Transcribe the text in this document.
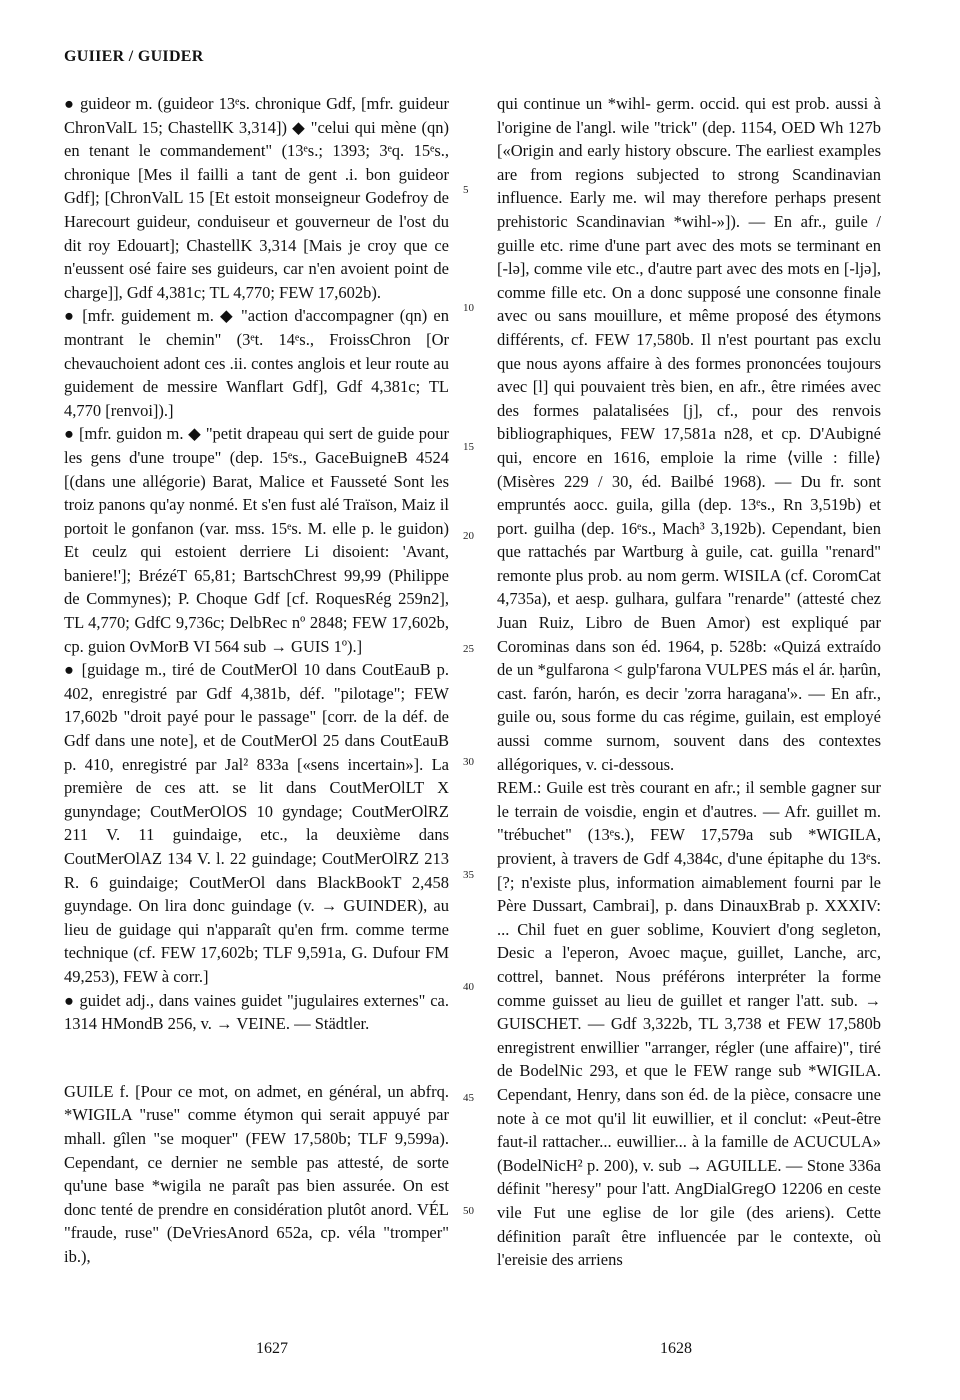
GUIIER / GUIDER

● guideor m. (guideor 13ᵉs. chronique Gdf, [mfr. guideur ChronValL 15; ChastellK 3,314]) ◆ "celui qui mène (qn) en tenant le commandement" (13ᵉs.; 1393; 3ᵉq. 15ᵉs., chronique [Mes il failli a tant de gent .i. bon guideor Gdf]; [ChronValL 15 [Et estoit monseigneur Godefroy de Harecourt guideur, conduiseur et gouverneur de l'ost du dit roy Edouart]; ChastellK 3,314 [Mais je croy que ce n'eussent osé faire ses guideurs, car n'en avoient point de charge]], Gdf 4,381c; TL 4,770; FEW 17,602b).

● [mfr. guidement m. ◆ "action d'accompagner (qn) en montrant le chemin" (3ᵉt. 14ᵉs., FroissChron [Or chevauchoient adont ces .ii. contes anglois et leur route au guidement de messire Wanflart Gdf], Gdf 4,381c; TL 4,770 [renvoi]).]

● [mfr. guidon m. ◆ "petit drapeau qui sert de guide pour les gens d'une troupe" (dep. 15ᵉs., GaceBuigneB 4524 [(dans une allégorie) Barat, Malice et Fausseté Sont les troiz panons qu'ay nonmé. Et s'en fust alé Traïson, Maiz il portoit le gonfanon (var. mss. 15ᵉs. M. elle p. le guidon) Et ceulz qui estoient derriere Li disoient: 'Avant, baniere!']; BrézéT 65,81; BartschChrest 99,99 (Philippe de Commynes); P. Choque Gdf [cf. RoquesRég 259n2], TL 4,770; GdfC 9,736c; DelbRec nº 2848; FEW 17,602b, cp. guion OvMorB VI 564 sub → GUIS 1º).]

● [guidage m., tiré de CoutMerOl 10 dans CoutEauB p. 402, enregistré par Gdf 4,381b, déf. "pilotage"; FEW 17,602b "droit payé pour le passage" [corr. de la déf. de Gdf dans une note], et de CoutMerOl 25 dans CoutEauB p. 410, enregistré par Jal² 833a [«sens incertain»]. La première de ces att. se lit dans CoutMerOlLT X gunyndage; CoutMerOlOS 10 gyndage; CoutMerOlRZ 211 V. 11 guindaige, etc., la deuxième dans CoutMerOlAZ 134 V. l. 22 guindage; CoutMerOlRZ 213 R. 6 guindaige; CoutMerOl dans BlackBookT 2,458 guyndage. On lira donc guindage (v. → GUINDER), au lieu de guidage qui n'apparaît qu'en frm. comme terme technique (cf. FEW 17,602b; TLF 9,591a, G. Dufour FM 49,253), FEW à corr.]

● guidet adj., dans vaines guidet "jugulaires externes" ca. 1314 HMondB 256, v. → VEINE. — Städtler.

GUILE f. [Pour ce mot, on admet, en général, un abfrq. *WIGILA "ruse" comme étymon qui serait appuyé par mhall. gîlen "se moquer" (FEW 17,580b; TLF 9,599a). Cependant, ce dernier ne semble pas attesté, de sorte qu'une base *wigila ne paraît pas bien assurée. On est donc tenté de prendre en considération plutôt anord. VÉL "fraude, ruse" (DeVriesAnord 652a, cp. véla "tromper" ib.),

qui continue un *wihl- germ. occid. qui est prob. aussi à l'origine de l'angl. wile "trick" (dep. 1154, OED Wh 127b [«Origin and early history obscure. The earliest examples are from regions subjected to strong Scandinavian influence. Early me. wil may therefore perhaps present prehistoric Scandinavian *wihl-»]). — En afr., guile / guille etc. rime d'une part avec des mots se terminant en [-lə], comme vile etc., d'autre part avec des mots en [-ljə], comme fille etc. On a donc supposé une consonne finale avec ou sans mouillure, et même proposé des étymons différents, cf. FEW 17,580b. Il n'est pourtant pas exclu que nous ayons affaire à des formes prononcées toujours avec [l] qui pouvaient très bien, en afr., être rimées avec des formes palatalisées [j], cf., pour des renvois bibliographiques, FEW 17,581a n28, et cp. D'Aubigné qui, encore en 1616, emploie la rime ⟨ville : fille⟩ (Misères 229 / 30, éd. Bailbé 1968). — Du fr. sont empruntés aocc. guila, gilla (dep. 13ᵉs., Rn 3,519b) et port. guilha (dep. 16ᵉs., Mach³ 3,192b). Cependant, bien que rattachés par Wartburg à guile, cat. guilla "renard" remonte plus prob. au nom germ. WISILA (cf. CoromCat 4,735a), et aesp. gulhara, gulfara "renarde" (attesté chez Juan Ruiz, Libro de Buen Amor) est expliqué par Corominas dans son éd. 1964, p. 528b: «Quizá extraído de un *gulfarona < gulp'farona VULPES más el ár. ḥarûn, cast. farón, harón, es decir 'zorra haragana'». — En afr., guile ou, sous forme du cas régime, guilain, est employé aussi comme surnom, souvent dans des contextes allégoriques, v. ci-dessous.

REM.: Guile est très courant en afr.; il semble gagner sur le terrain de voisdie, engin et d'autres. — Afr. guillet m. "trébuchet" (13ᵉs.), FEW 17,579a sub *WIGILA, provient, à travers de Gdf 4,384c, d'une épitaphe du 13ᵉs. [?; n'existe plus, information aimablement fourni par le Père Dussart, Cambrai], p. dans DinauxBrab p. XXXIV: ... Chil fuet en guer soblime, Kouviert d'ong segleton, Desic a l'eperon, Avoec maçue, guillet, Lanche, arc, cottrel, bannet. Nous préférons interpréter la forme comme guisset au lieu de guillet et ranger l'att. sub. → GUISCHET. — Gdf 3,322b, TL 3,738 et FEW 17,580b enregistrent enwillier "arranger, régler (une affaire)", tiré de BodelNic 293, et que le FEW range sub *WIGILA. Cependant, Henry, dans son éd. de la pièce, consacre une note à ce mot qu'il lit euwillier, et il conclut: «Peut-être faut-il rattacher... euwillier... à la famille de ACUCULA» (BodelNicH² p. 200), v. sub → AGUILLE. — Stone 336a définit "heresy" pour l'att. AngDialGregO 12206 en ceste vile Fut une eglise de lor gile (des ariens). Cette définition paraît être influencée par le contexte, où l'ereisie des arriens

5
10
15
20
25
30
35
40
45
50
1627	1628
